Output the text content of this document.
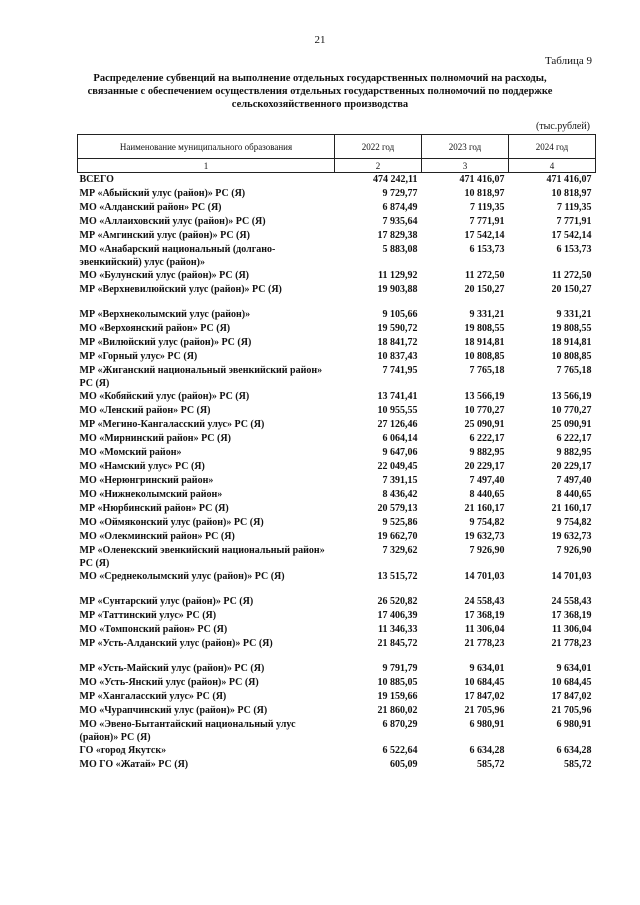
21
Таблица 9
Распределение субвенций на выполнение отдельных государственных полномочий на расходы, связанные с обеспечением осуществления отдельных государственных полномочий по поддержке сельскохозяйственного производства
(тыс.рублей)
Наименование муниципального образования	2022 год	2023 год	2024 год
1	2	3	4
ВСЕГО	474 242,11	471 416,07	471 416,07
МР «Абыйский улус (район)» РС (Я)	9 729,77	10 818,97	10 818,97
МО «Алданский район» РС (Я)	6 874,49	7 119,35	7 119,35
МО «Аллаиховский улус (район)» РС (Я)	7 935,64	7 771,91	7 771,91
МР «Амгинский улус (район)» РС (Я)	17 829,38	17 542,14	17 542,14
МО «Анабарский национальный (долгано-эвенкийский) улус (район)»	5 883,08	6 153,73	6 153,73
МО «Булунский улус (район)» РС (Я)	11 129,92	11 272,50	11 272,50
МР «Верхневилюйский улус (район)» РС (Я)	19 903,88	20 150,27	20 150,27

МР «Верхнеколымский улус (район)»	9 105,66	9 331,21	9 331,21
МО «Верхоянский район» РС (Я)	19 590,72	19 808,55	19 808,55
МР «Вилюйский улус (район)» РС (Я)	18 841,72	18 914,81	18 914,81
МР «Горный улус» РС (Я)	10 837,43	10 808,85	10 808,85
МР «Жиганский национальный эвенкийский район» РС (Я)	7 741,95	7 765,18	7 765,18
МО «Кобяйский улус (район)» РС (Я)	13 741,41	13 566,19	13 566,19
МО «Ленский район» РС (Я)	10 955,55	10 770,27	10 770,27
МР «Мегино-Кангаласский улус» РС (Я)	27 126,46	25 090,91	25 090,91
МО «Мирнинский район» РС (Я)	6 064,14	6 222,17	6 222,17
МО «Момский район»	9 647,06	9 882,95	9 882,95
МО «Намский улус» РС (Я)	22 049,45	20 229,17	20 229,17
МО «Нерюнгринский район»	7 391,15	7 497,40	7 497,40
МО «Нижнеколымский район»	8 436,42	8 440,65	8 440,65
МР «Нюрбинский район» РС (Я)	20 579,13	21 160,17	21 160,17
МО «Оймяконский улус (район)» РС (Я)	9 525,86	9 754,82	9 754,82
МО «Олекминский район» РС (Я)	19 662,70	19 632,73	19 632,73
МР «Оленекский эвенкийский национальный район» РС (Я)	7 329,62	7 926,90	7 926,90
МО «Среднеколымский улус (район)» РС (Я)	13 515,72	14 701,03	14 701,03

МР «Сунтарский улус (район)» РС (Я)	26 520,82	24 558,43	24 558,43
МР «Таттинский улус» РС (Я)	17 406,39	17 368,19	17 368,19
МО «Томпонский район» РС (Я)	11 346,33	11 306,04	11 306,04
МР «Усть-Алданский улус (район)» РС (Я)	21 845,72	21 778,23	21 778,23

МР «Усть-Майский улус (район)» РС (Я)	9 791,79	9 634,01	9 634,01
МО «Усть-Янский улус (район)» РС (Я)	10 885,05	10 684,45	10 684,45
МР «Хангаласский улус» РС (Я)	19 159,66	17 847,02	17 847,02
МО «Чурапчинский улус (район)» РС (Я)	21 860,02	21 705,96	21 705,96
МО «Эвено-Бытантайский национальный улус (район)» РС (Я)	6 870,29	6 980,91	6 980,91
ГО «город Якутск»	6 522,64	6 634,28	6 634,28
МО ГО «Жатай» РС (Я)	605,09	585,72	585,72
